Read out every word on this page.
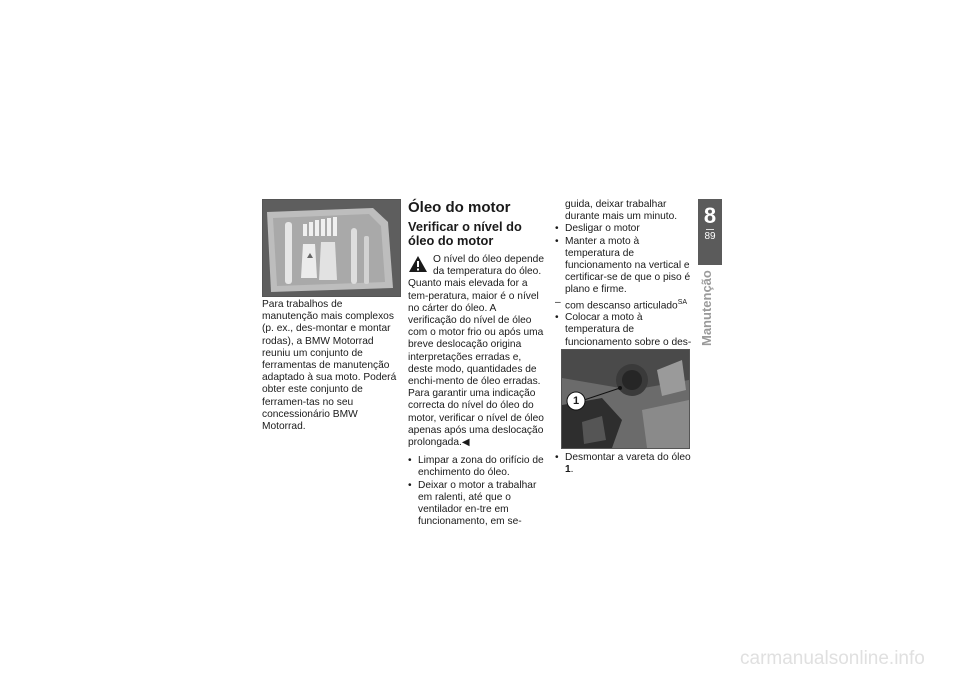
Para trabalhos de manutenção mais complexos (p. ex., des-montar e montar rodas), a BMW Motorrad reuniu um conjunto de ferramentas de manutenção adaptado à sua moto. Poderá obter este conjunto de ferramen-tas no seu concessionário BMW Motorrad.
Óleo do motor
Verificar o nível do óleo do motor

O nível do óleo depende da temperatura do óleo. Quanto mais elevada for a tem-peratura, maior é o nível no cárter do óleo. A verificação do nível de óleo com o motor frio ou após uma breve deslocação origina interpretações erradas e, deste modo, quantidades de enchi-mento de óleo erradas.

Para garantir uma indicação correcta do nível do óleo do motor, verificar o nível de óleo apenas após uma deslocação prolongada.◀

• Limpar a zona do orifício de enchimento do óleo.
• Deixar o motor a trabalhar em ralenti, até que o ventilador en-tre em funcionamento, em se-

guida, deixar trabalhar durante mais um minuto.

• Desligar o motor
• Manter a moto à temperatura de funcionamento na vertical e certificar-se de que o piso é plano e firme.
– com descanso articulado$^{SA}$
• Colocar a moto à temperatura de funcionamento sobre o des-
1
• Desmontar a vareta do óleo 1.
8
89
Manutenção
carmanualsonline.info
